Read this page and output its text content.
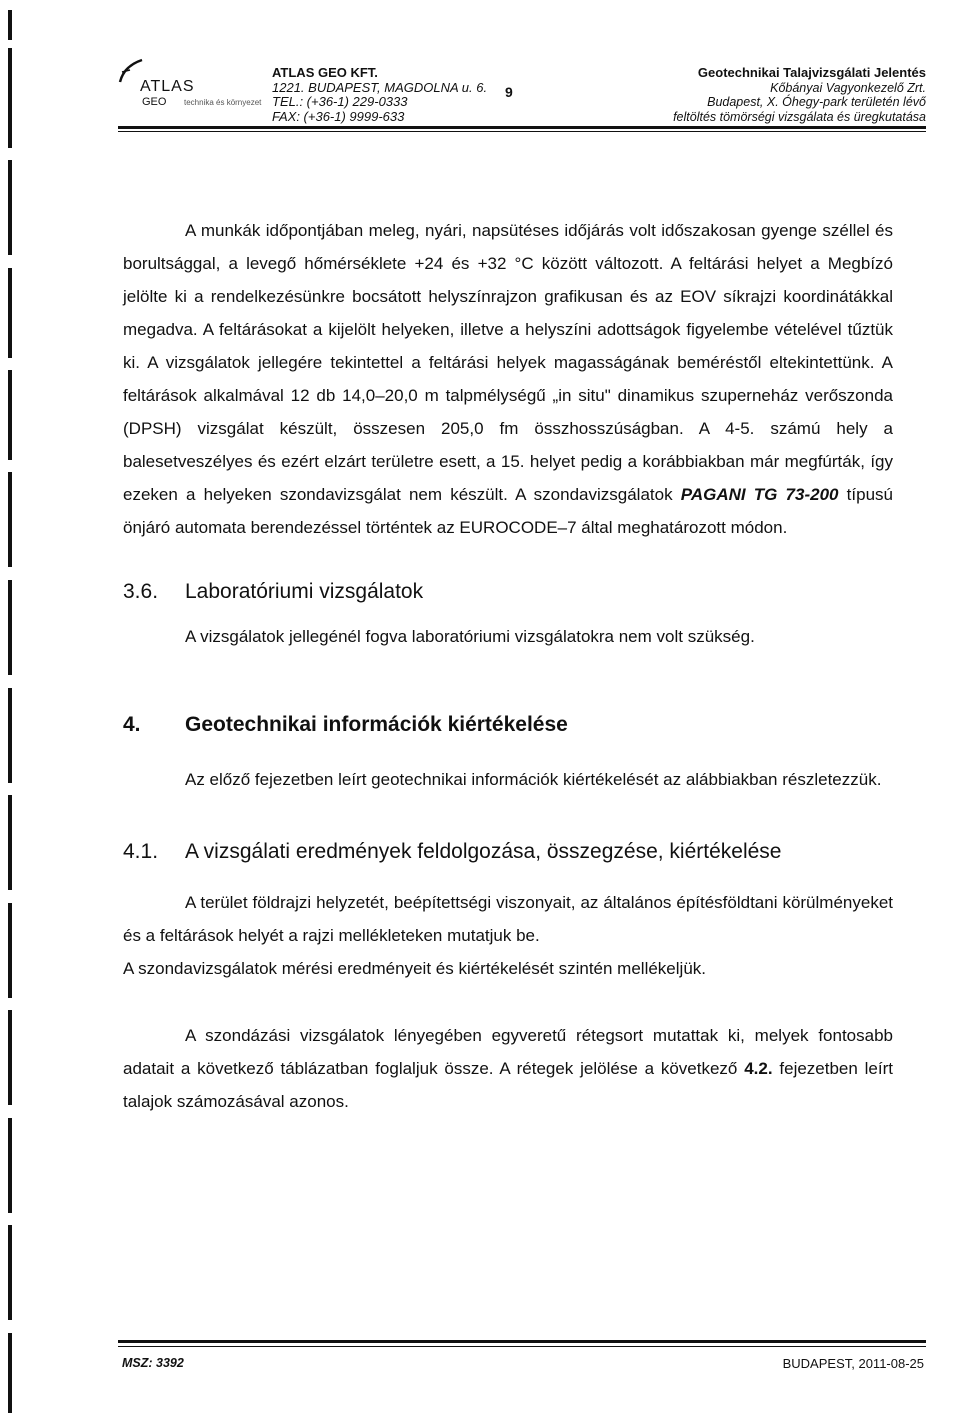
ATLAS
GEO technika és környezet
ATLAS GEO KFT.
1221. BUDAPEST, MAGDOLNA u. 6.
TEL.: (+36-1) 229-0333
FAX: (+36-1) 9999-633
9
Geotechnikai Talajvizsgálati Jelentés
Kőbányai Vagyonkezelő Zrt.
Budapest, X. Óhegy-park területén lévő
feltöltés tömörségi vizsgálata és üregkutatása

A munkák időpontjában meleg, nyári, napsütéses időjárás volt időszakosan gyenge széllel és borultsággal, a levegő hőmérséklete +24 és +32 °C között változott. A feltárási helyet a Megbízó jelölte ki a rendelkezésünkre bocsátott helyszínrajzon grafikusan és az EOV síkrajzi koordinátákkal megadva. A feltárásokat a kijelölt helyeken, illetve a helyszíni adottságok figyelembe vételével tűztük ki. A vizsgálatok jellegére tekintettel a feltárási helyek magasságának beméréstől eltekintettünk. A feltárások alkalmával 12 db 14,0–20,0 m talpmélységű „in situ" dinamikus szuperneház verőszonda (DPSH) vizsgálat készült, összesen 205,0 fm összhosszúságban. A 4-5. számú hely a balesetveszélyes és ezért elzárt területre esett, a 15. helyet pedig a korábbiakban már megfúrták, így ezeken a helyeken szondavizsgálat nem készült. A szondavizsgálatok PAGANI TG 73-200 típusú önjáró automata berendezéssel történtek az EUROCODE–7 által meghatározott módon.

3.6.	Laboratóriumi vizsgálatok

A vizsgálatok jellegénél fogva laboratóriumi vizsgálatokra nem volt szükség.

4.	Geotechnikai információk kiértékelése

Az előző fejezetben leírt geotechnikai információk kiértékelését az alábbiakban részletezzük.

4.1.	A vizsgálati eredmények feldolgozása, összegzése, kiértékelése

A terület földrajzi helyzetét, beépítettségi viszonyait, az általános építésföldtani körülményeket és a feltárások helyét a rajzi mellékleteken mutatjuk be.

A szondavizsgálatok mérési eredményeit és kiértékelését szintén mellékeljük.

A szondázási vizsgálatok lényegében egyveretű rétegsort mutattak ki, melyek fontosabb adatait a következő táblázatban foglaljuk össze. A rétegek jelölése a következő 4.2. fejezetben leírt talajok számozásával azonos.

MSZ: 3392	BUDAPEST, 2011-08-25
